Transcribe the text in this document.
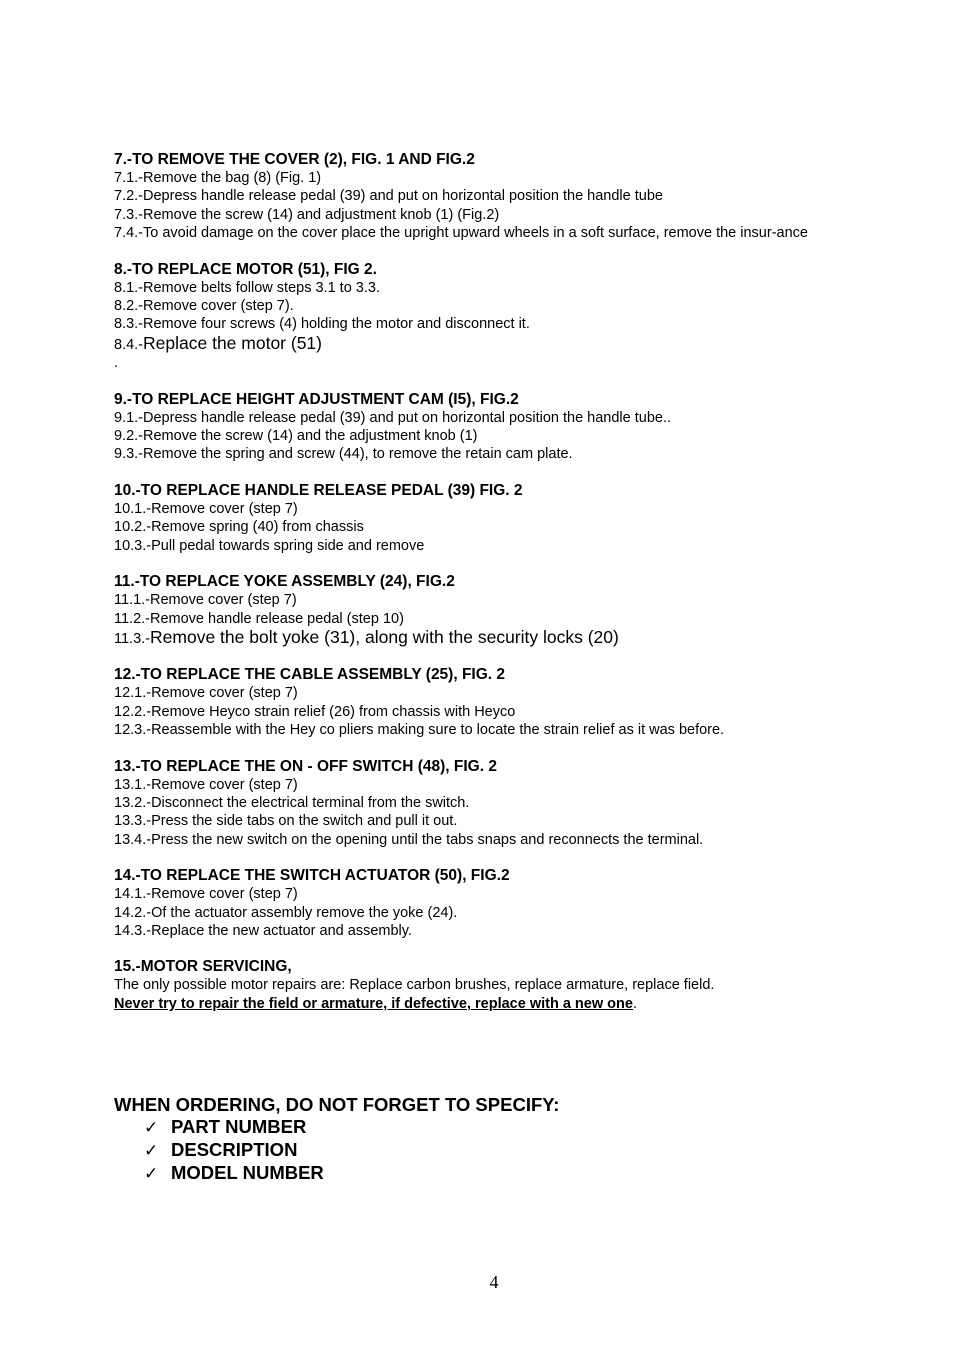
7.-TO REMOVE THE COVER (2), FIG. 1 AND FIG.2

7.1.-Remove the bag (8) (Fig. 1)

7.2.-Depress handle release pedal (39) and put on horizontal position the handle tube

7.3.-Remove the screw (14) and adjustment knob (1) (Fig.2)

7.4.-To avoid damage on the cover place the upright upward wheels in a soft surface, remove the insur-ance

8.-TO REPLACE MOTOR (51), FIG 2.

8.1.-Remove belts follow steps 3.1 to 3.3.

8.2.-Remove cover (step 7).

8.3.-Remove four screws (4) holding the motor and disconnect it.

8.4.-Replace the motor (51)

.

9.-TO REPLACE HEIGHT ADJUSTMENT CAM (I5), FIG.2

9.1.-Depress handle release pedal (39) and put on horizontal position the handle tube..

9.2.-Remove the screw (14) and the adjustment knob (1)

9.3.-Remove the spring and screw (44), to remove the retain cam plate.

10.-TO REPLACE HANDLE RELEASE PEDAL (39) FIG. 2

10.1.-Remove cover (step 7)

10.2.-Remove spring (40) from chassis

10.3.-Pull pedal towards spring side and remove

11.-TO REPLACE YOKE ASSEMBLY (24), FIG.2

11.1.-Remove cover (step 7)

11.2.-Remove handle release pedal (step 10)

11.3.-Remove the bolt yoke (31), along with the security locks (20)

12.-TO REPLACE THE CABLE ASSEMBLY (25), FIG. 2

12.1.-Remove cover (step 7)

12.2.-Remove Heyco strain relief (26) from chassis with Heyco

12.3.-Reassemble with the Hey co pliers making sure to locate the strain relief as it was before.

13.-TO REPLACE THE ON - OFF SWITCH (48), FIG. 2

13.1.-Remove cover (step 7)

13.2.-Disconnect the electrical terminal from the switch.

13.3.-Press the side tabs on the switch and pull it out.

13.4.-Press the new switch on the opening until the tabs snaps and reconnects the terminal.

14.-TO REPLACE THE SWITCH ACTUATOR (50), FIG.2

14.1.-Remove cover (step 7)

14.2.-Of the actuator assembly remove the yoke (24).

14.3.-Replace the new actuator and assembly.

15.-MOTOR SERVICING,

The only possible motor repairs are: Replace carbon brushes, replace armature, replace field.

Never try to repair the field or armature, if defective, replace with a new one.

WHEN ORDERING, DO NOT FORGET TO SPECIFY:

✓ PART NUMBER
✓ DESCRIPTION
✓ MODEL NUMBER
4
